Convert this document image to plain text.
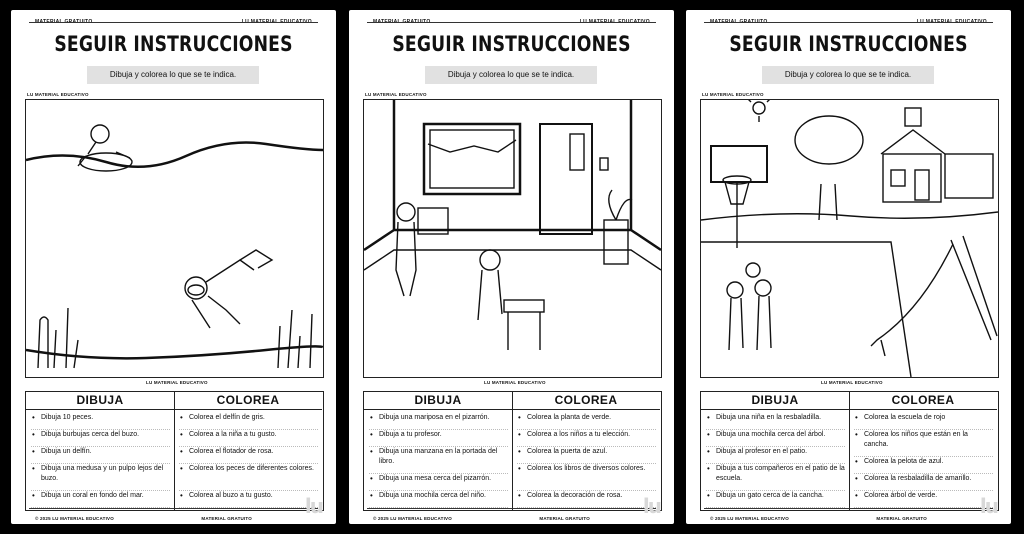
MATERIAL GRATUITO	LU MATERIAL EDUCATIVO
SEGUIR INSTRUCCIONES
Dibuja y colorea lo que se te indica.
LU MATERIAL EDUCATIVO
LU MATERIAL EDUCATIVO
DIBUJA
• Dibuja 10 peces.
• Dibuja burbujas cerca del buzo.
• Dibuja un delfín.
• Dibuja una medusa y un pulpo lejos del buzo.
• Dibuja un coral en fondo del mar.
COLOREA
• Colorea el delfín de gris.
• Colorea a la niña a tu gusto.
• Colorea el flotador de rosa.
• Colorea los peces de diferentes colores.
• Colorea al buzo a tu gusto.
© 2025 LU MATERIAL EDUCATIVO	MATERIAL GRATUITO
lu
MATERIAL GRATUITO	LU MATERIAL EDUCATIVO
SEGUIR INSTRUCCIONES
Dibuja y colorea lo que se te indica.
LU MATERIAL EDUCATIVO
LU MATERIAL EDUCATIVO
DIBUJA
• Dibuja una mariposa en el pizarrón.
• Dibuja a tu profesor.
• Dibuja una manzana en la portada del libro.
• Dibuja una mesa cerca del pizarrón.
• Dibuja una mochila cerca del niño.
COLOREA
• Colorea la planta de verde.
• Colorea a los niños a tu elección.
• Colorea la puerta de azul.
• Colorea los libros de diversos colores.
• Colorea la decoración de rosa.
© 2025 LU MATERIAL EDUCATIVO	MATERIAL GRATUITO
lu
MATERIAL GRATUITO	LU MATERIAL EDUCATIVO
SEGUIR INSTRUCCIONES
Dibuja y colorea lo que se te indica.
LU MATERIAL EDUCATIVO
LU MATERIAL EDUCATIVO
DIBUJA
• Dibuja una niña en la resbaladilla.
• Dibuja una mochila cerca del árbol.
• Dibuja al profesor en el patio.
• Dibuja a tus compañeros en el patio de la escuela.
• Dibuja un gato cerca de la cancha.
COLOREA
• Colorea la escuela de rojo
• Colorea los niños que están en la cancha.
• Colorea la pelota de azul.
• Colorea la resbaladilla de amarillo.
• Colorea árbol de verde.
© 2025 LU MATERIAL EDUCATIVO	MATERIAL GRATUITO
lu
